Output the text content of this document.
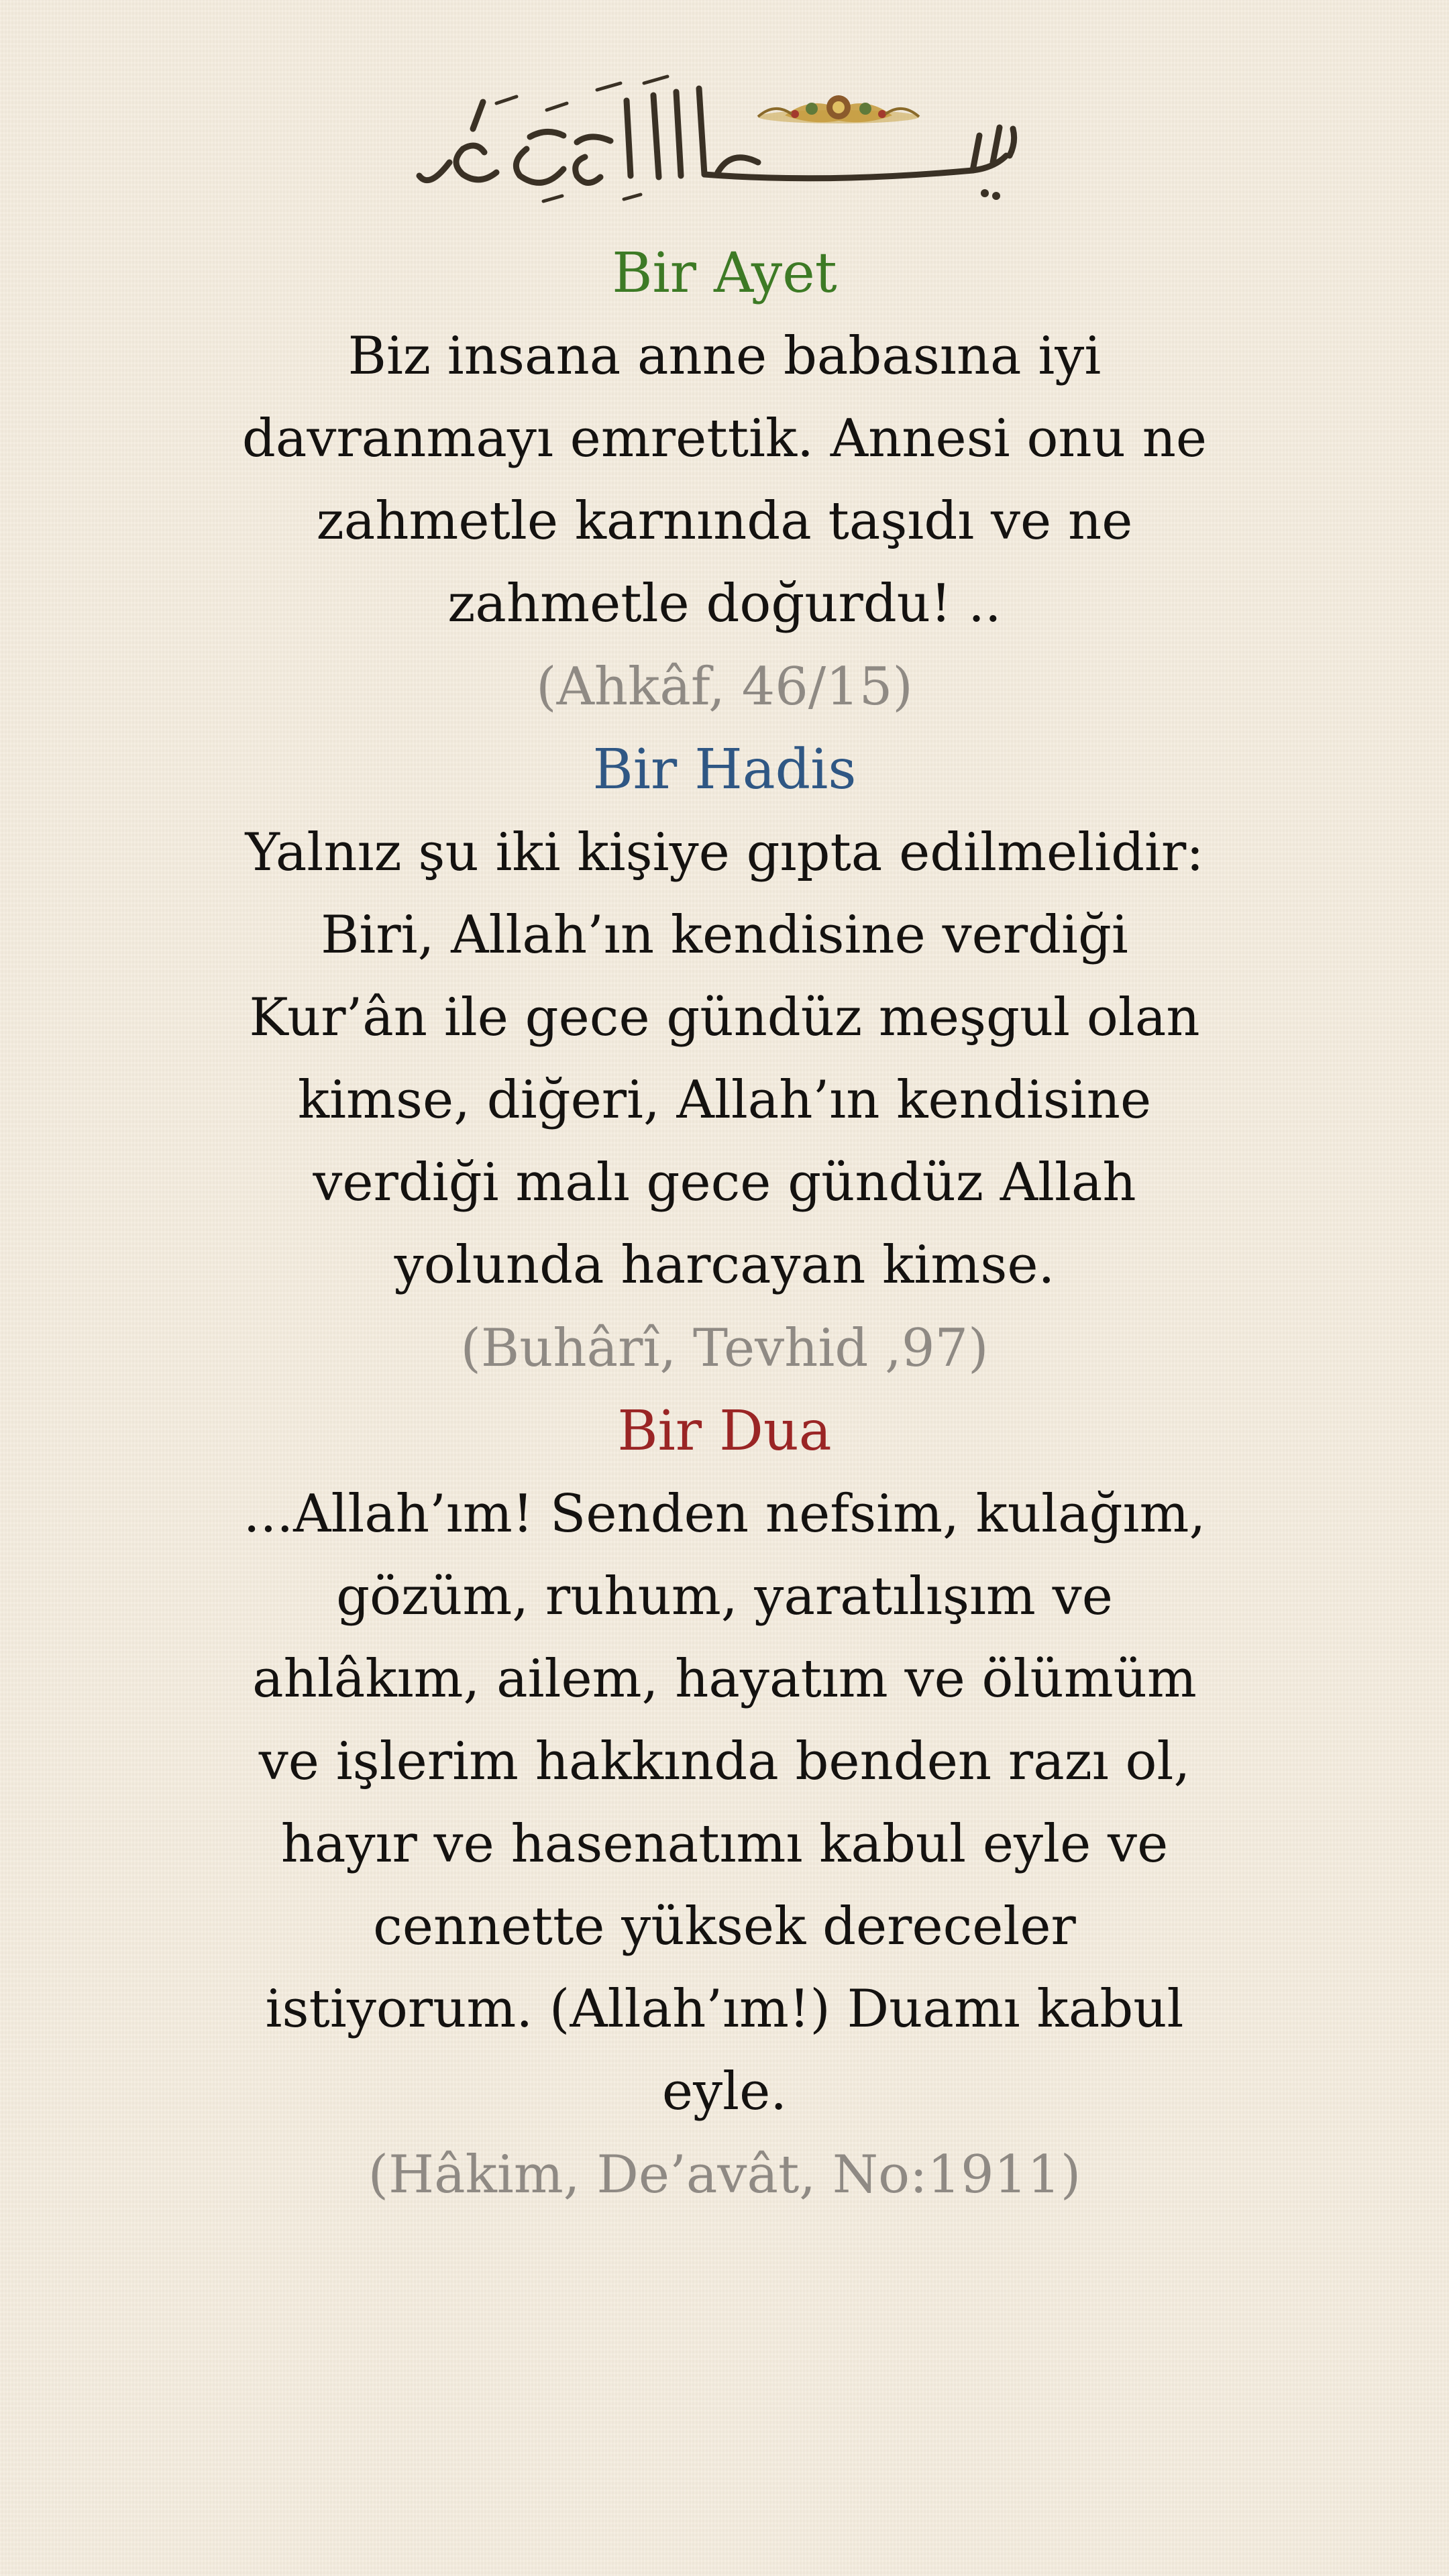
Bir Ayet

Biz insana anne babasına iyi davranmayı emrettik. Annesi onu ne zahmetle karnında taşıdı ve ne zahmetle doğurdu! ..

(Ahkâf, 46/15)

Bir Hadis

Yalnız şu iki kişiye gıpta edilmelidir: Biri, Allah’ın kendisine verdiği Kur’ân ile gece gündüz meşgul olan kimse, diğeri, Allah’ın kendisine verdiği malı gece gündüz Allah yolunda harcayan kimse.

(Buhârî, Tevhid ,97)

Bir Dua

...Allah’ım! Senden nefsim, kulağım, gözüm, ruhum, yaratılışım ve ahlâkım, ailem, hayatım ve ölümüm ve işlerim hakkında benden razı ol, hayır ve hasenatımı kabul eyle ve cennette yüksek dereceler istiyorum. (Allah’ım!) Duamı kabul eyle.

(Hâkim, De’avât, No:1911)
